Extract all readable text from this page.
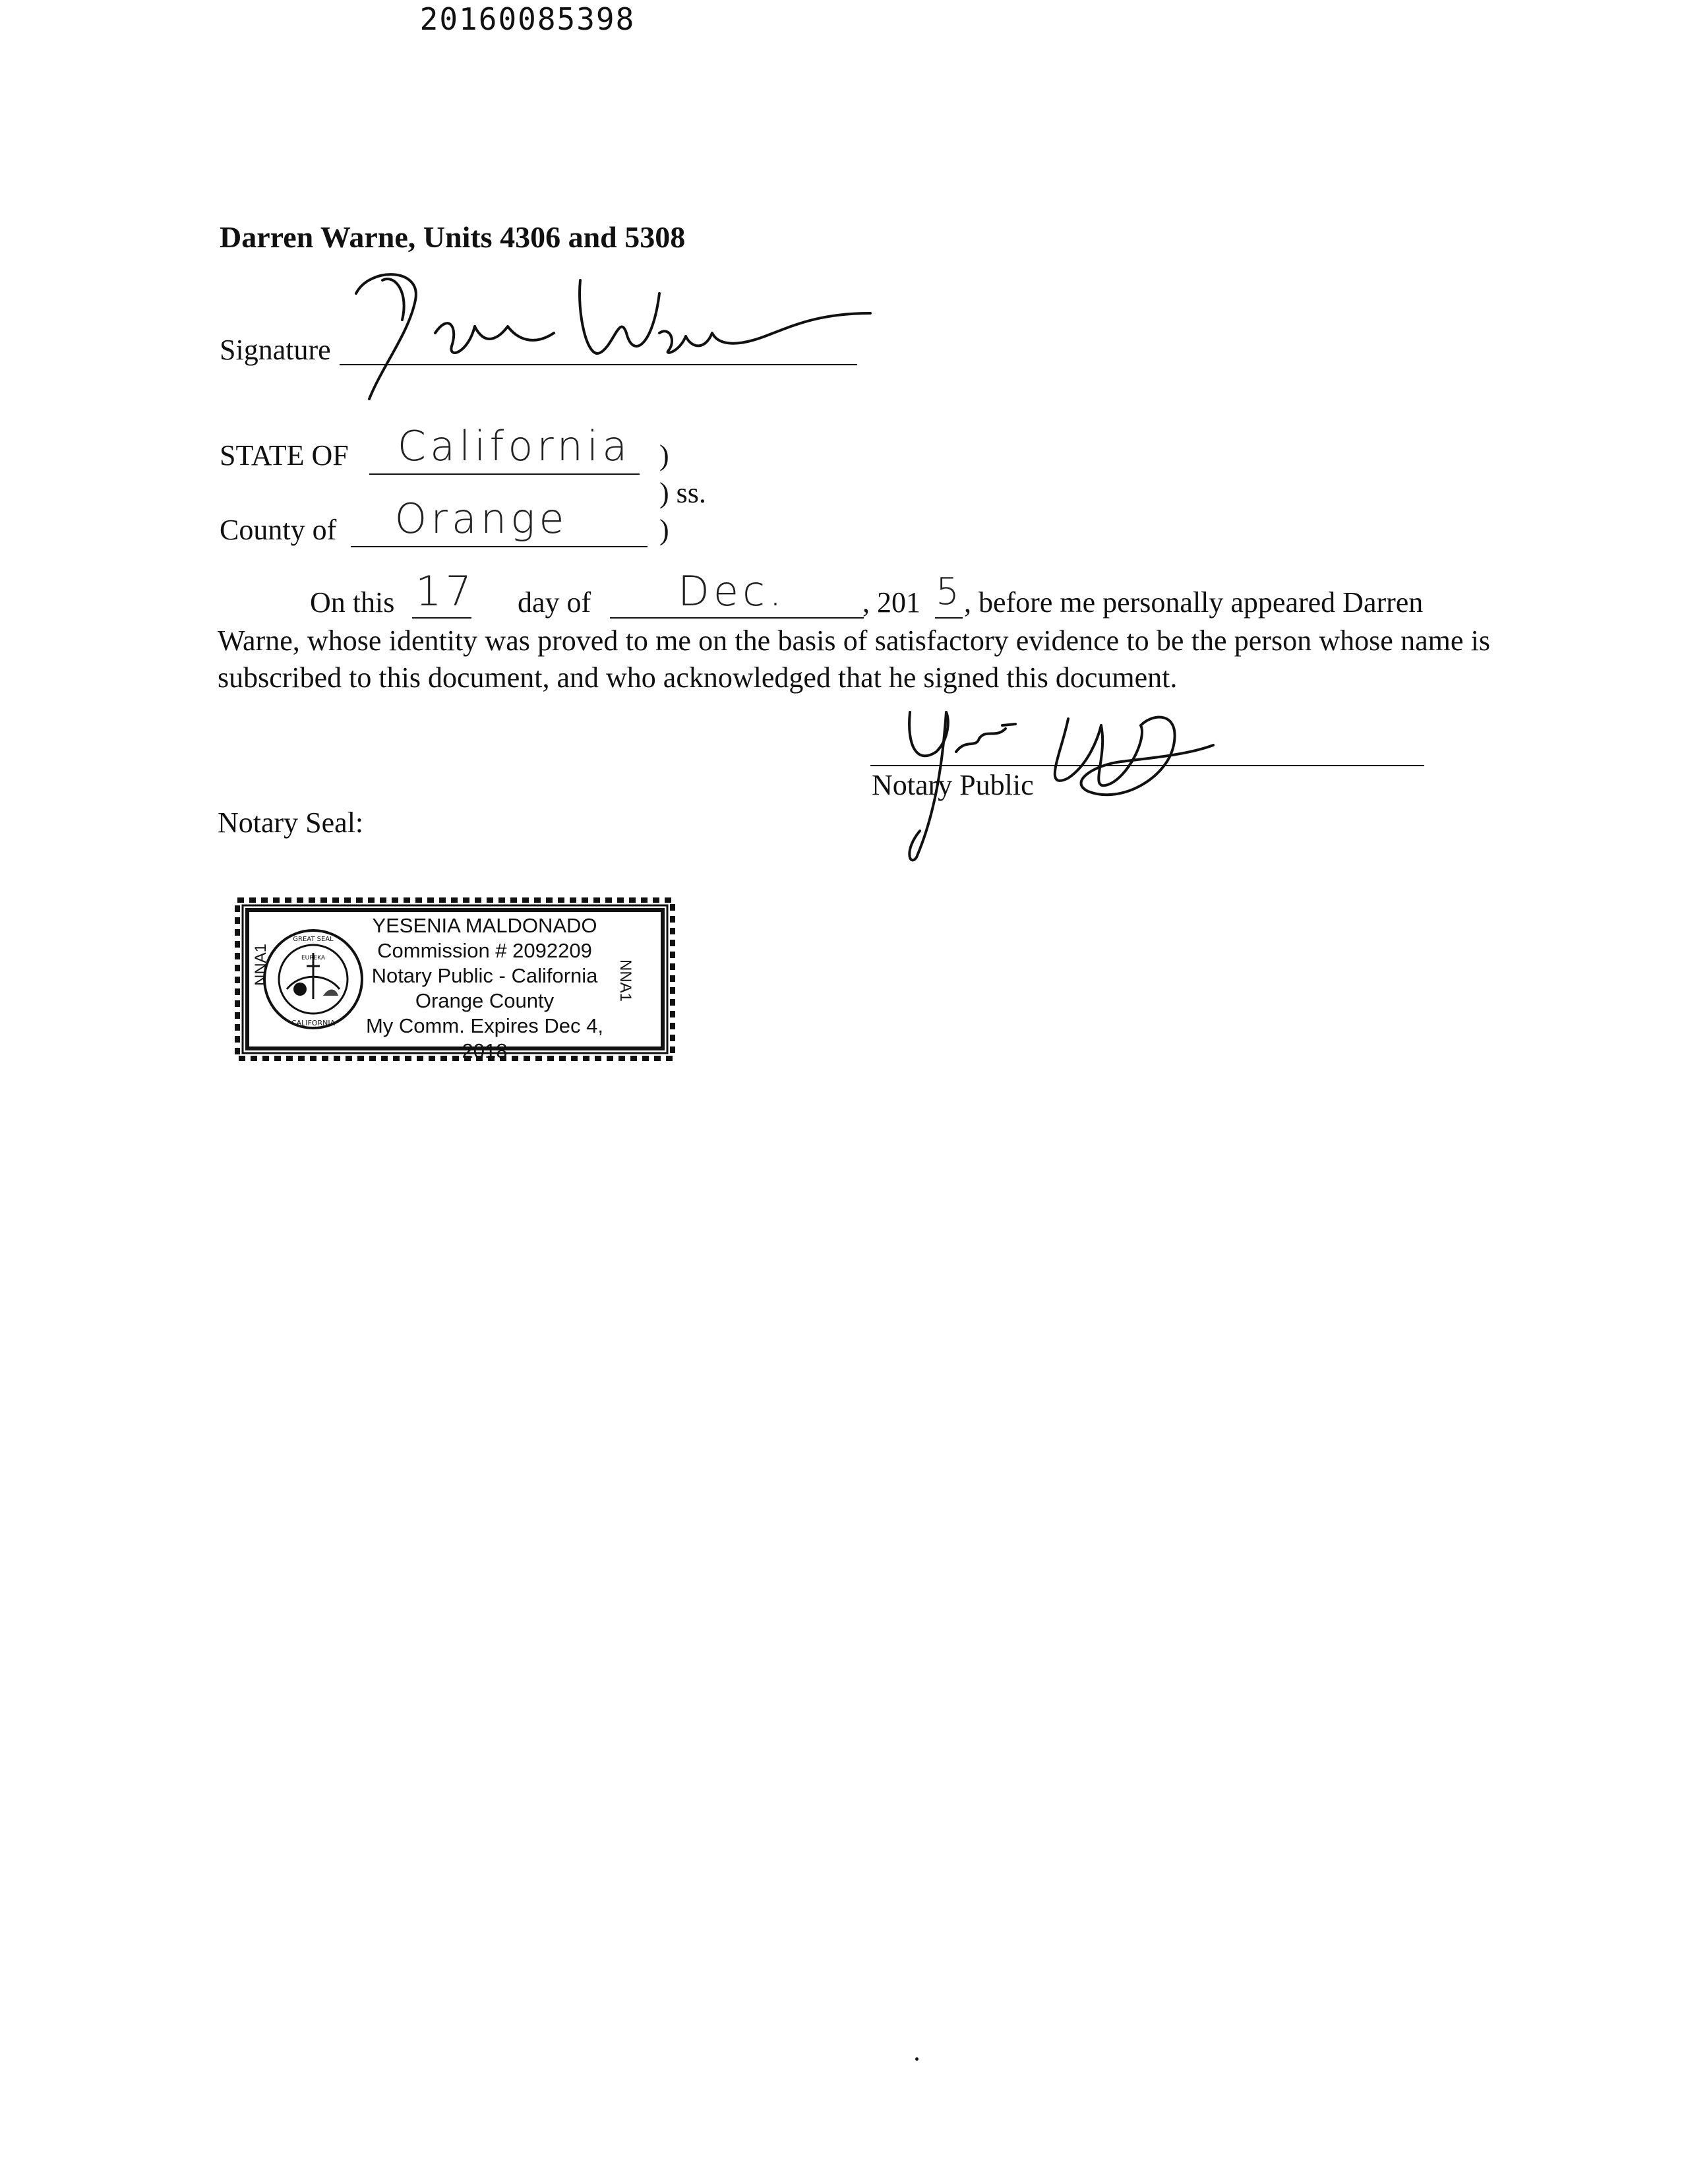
20160085398
Darren Warne, Units 4306 and 5308
Signature
STATE OF	California )
) ss.
County of	Orange	)
On this 17 day of	Dec.	, 201 5 , before me personally appeared Darren
Warne, whose identity was proved to me on the basis of satisfactory evidence to be the person whose name is subscribed to this document, and who acknowledged that he signed this document.
Notary Public
Notary Seal:
GREAT SEAL
CALIFORNIA
EUREKA
YESENIA MALDONADO
Commission # 2092209
Notary Public - California
Orange County
My Comm. Expires Dec 4, 2018
NNA1	NNA1
